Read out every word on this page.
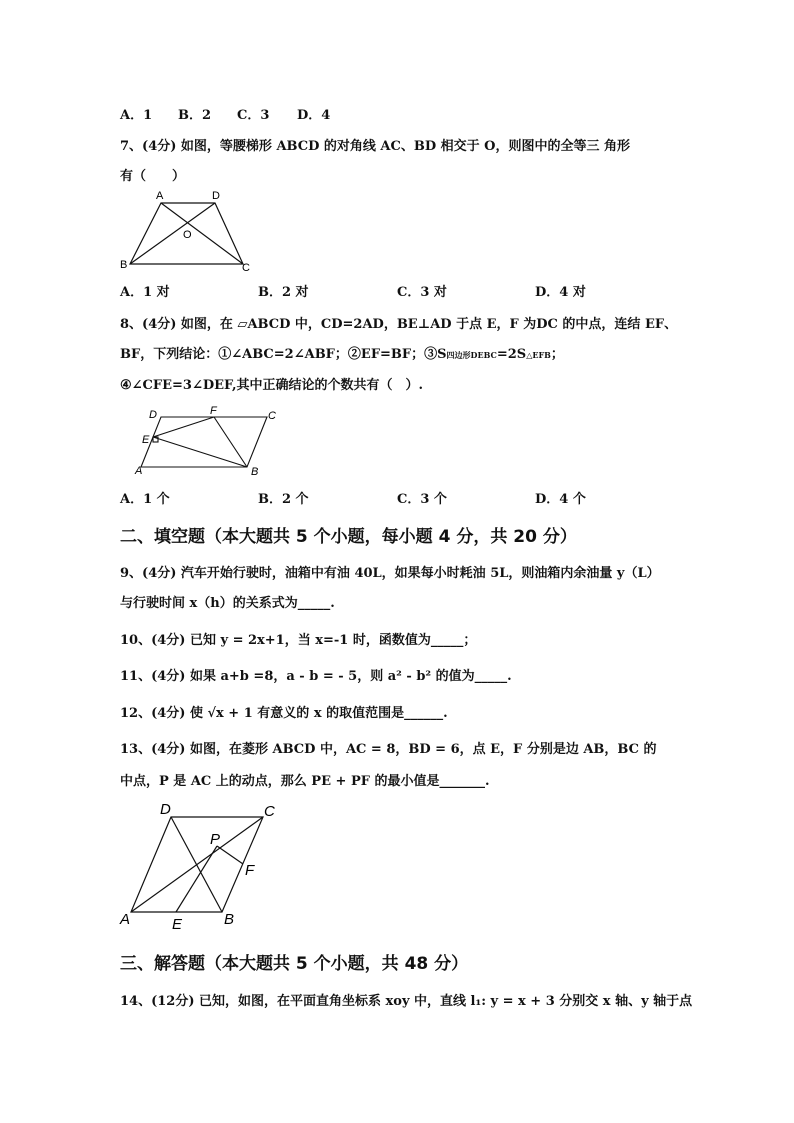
A．1 B．2 C．3 D．4
7、(4分) 如图，等腰梯形 ABCD 的对角线 AC、BD 相交于 O，则图中的全等三 角形
有（　　）
A	D
O
B	C
A．1 对	B．2 对	C．3 对	D．4 对
8、(4分) 如图，在 ▱ABCD 中，CD=2AD，BE⊥AD 于点 E，F 为DC 的中点，连结 EF、
BF，下列结论：①∠ABC=2∠ABF；②EF=BF；③S四边形DEBC=2S△EFB；
④∠CFE=3∠DEF,其中正确结论的个数共有（　）.
D	F	C
E
A	B
A．1 个	B．2 个	C．3 个	D．4 个
二、填空题（本大题共 5 个小题，每小题 4 分，共 20 分）
9、(4分) 汽车开始行驶时，油箱中有油 40L，如果每小时耗油 5L，则油箱内余油量 y（L）
与行驶时间 x（h）的关系式为_____.
10、(4分) 已知 y = 2x+1，当 x=-1 时，函数值为_____；
11、(4分) 如果 a+b =8，a - b = - 5，则 a² - b² 的值为_____.
12、(4分) 使 √x + 1 有意义的 x 的取值范围是______.
13、(4分) 如图，在菱形 ABCD 中，AC = 8，BD = 6，点 E，F 分别是边 AB，BC 的
中点，P 是 AC 上的动点，那么 PE + PF 的最小值是_______.
D	C
P
F
A	E	B
三、解答题（本大题共 5 个小题，共 48 分）
14、(12分) 已知，如图，在平面直角坐标系 xoy 中，直线 l₁: y = x + 3 分别交 x 轴、y 轴于点
